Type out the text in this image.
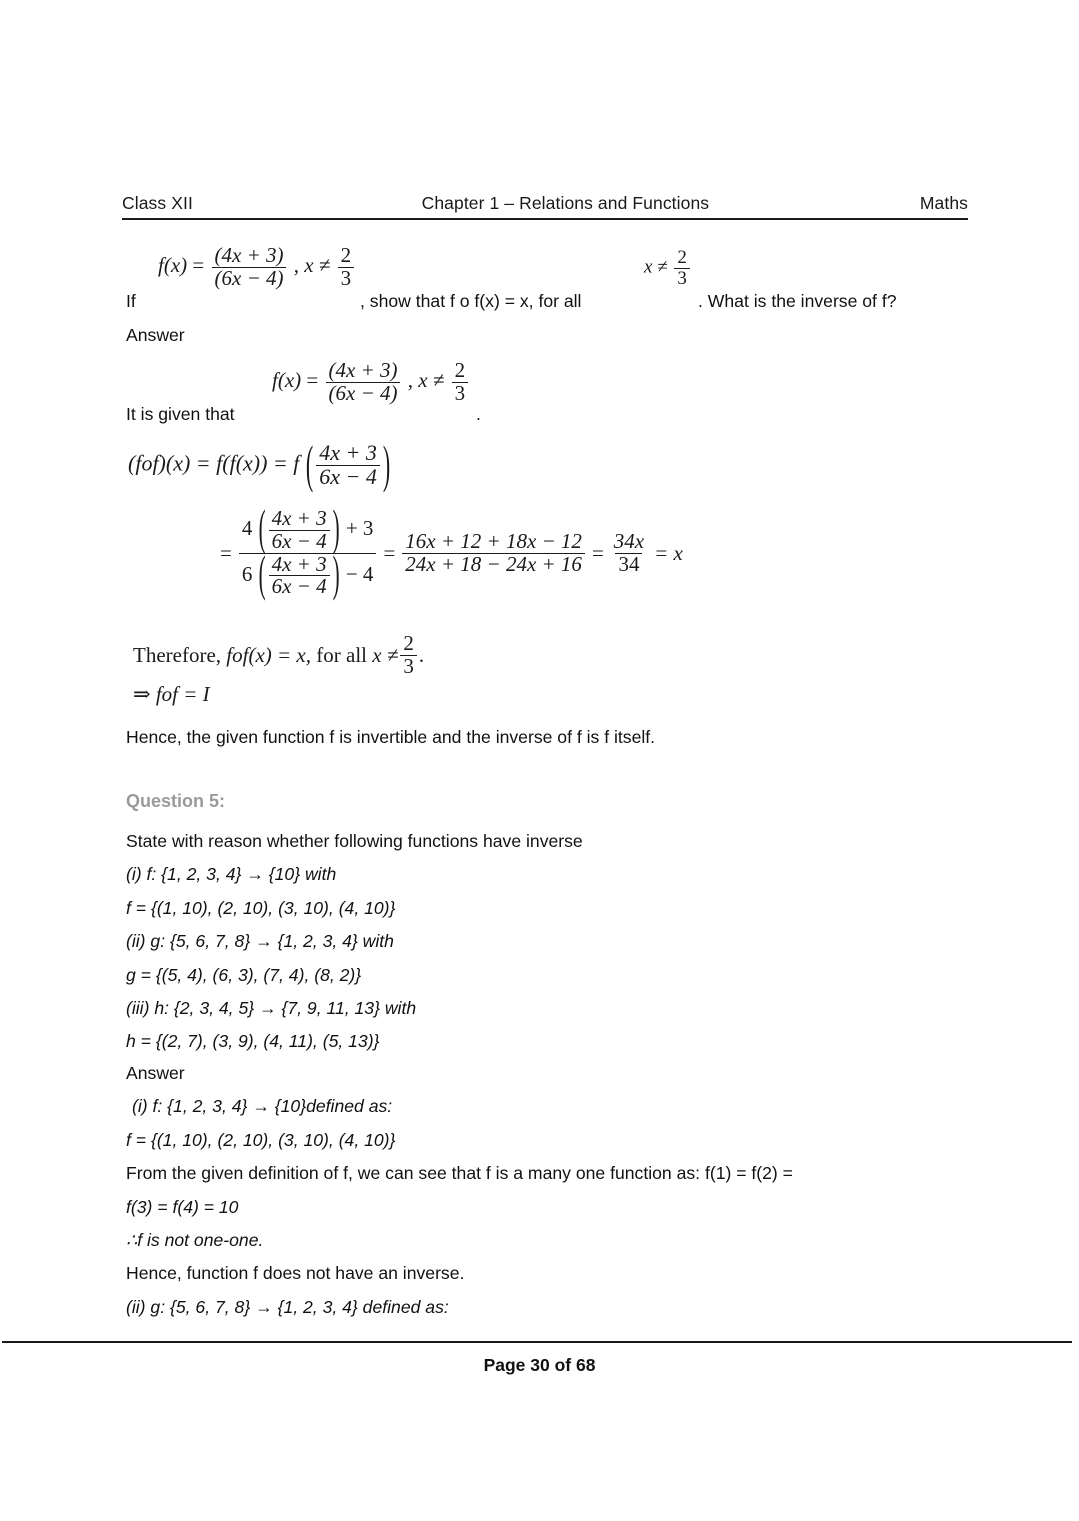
Class XII	Chapter 1 – Relations and Functions	Maths
If
$f(x) = \frac{(4x + 3)}{(6x - 4)}$ , $x \ne \frac{2}{3}$
, show that f o f(x) = x, for all
$x \ne \frac{2}{3}$
. What is the inverse of f?
Answer
It is given that
$f(x) = \frac{(4x + 3)}{(6x - 4)}$ , $x \ne \frac{2}{3}$
.
(fof)(x) = f(f(x)) = f ( $\frac{4x + 3}{6x - 4}$ )
=
4 ( $\frac{4x + 3}{6x - 4}$ ) + 3
6 ( $\frac{4x + 3}{6x - 4}$ ) − 4
= $\frac{16x + 12 + 18x - 12}{24x + 18 - 24x + 16} = \frac{34x}{34} = x$
Therefore,
fof (x) = x,
for all
$x \ne \frac{2}{3}$ .
⇒ fof = I
Hence, the given function f is invertible and the inverse of f is f itself.
Question 5:
State with reason whether following functions have inverse
(i) f: {1, 2, 3, 4} → {10} with
f = {(1, 10), (2, 10), (3, 10), (4, 10)}
(ii) g: {5, 6, 7, 8} → {1, 2, 3, 4} with
g = {(5, 4), (6, 3), (7, 4), (8, 2)}
(iii) h: {2, 3, 4, 5} → {7, 9, 11, 13} with
h = {(2, 7), (3, 9), (4, 11), (5, 13)}
Answer
(i) f: {1, 2, 3, 4} → {10}defined as:
f = {(1, 10), (2, 10), (3, 10), (4, 10)}
From the given definition of f, we can see that f is a many one function as: f(1) = f(2) =
f(3) = f(4) = 10
∴f is not one-one.
Hence, function f does not have an inverse.
(ii) g: {5, 6, 7, 8} → {1, 2, 3, 4} defined as:
Page 30 of 68
